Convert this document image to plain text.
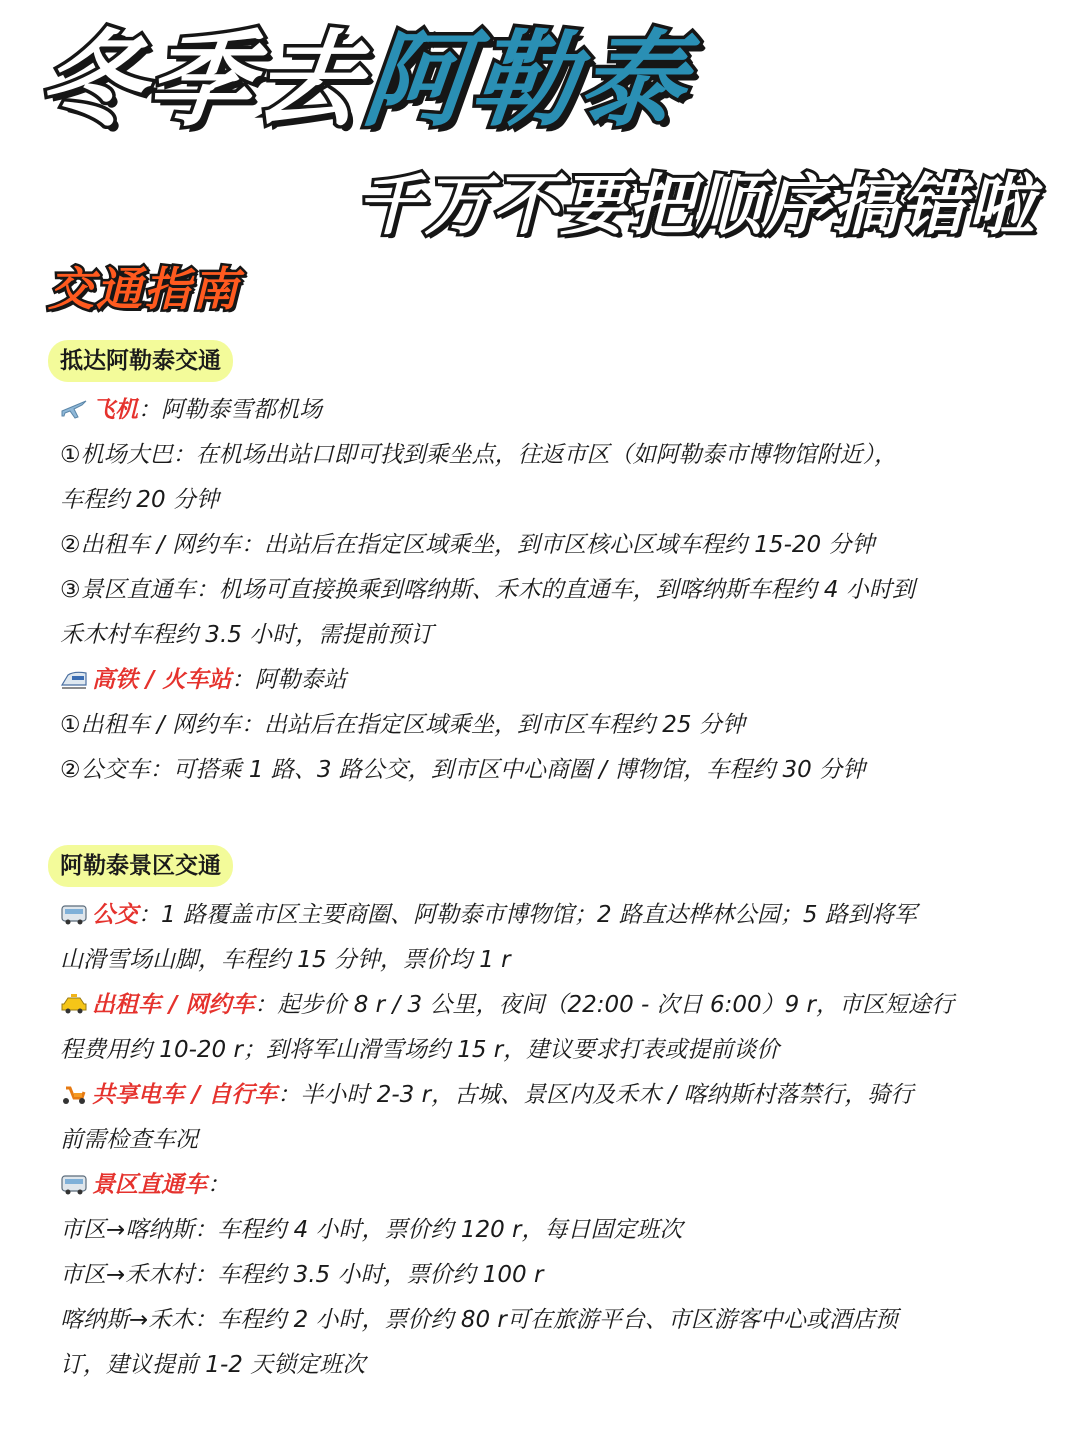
冬季去阿勒泰
千万不要把顺序搞错啦
交通指南
抵达阿勒泰交通
飞机：阿勒泰雪都机场
①机场大巴：在机场出站口即可找到乘坐点，往返市区（如阿勒泰市博物馆附近），
车程约 20 分钟
②出租车 / 网约车：出站后在指定区域乘坐，到市区核心区域车程约 15-20 分钟
③景区直通车：机场可直接换乘到喀纳斯、禾木的直通车，到喀纳斯车程约 4 小时到
禾木村车程约 3.5 小时，需提前预订
高铁 / 火车站：阿勒泰站
①出租车 / 网约车：出站后在指定区域乘坐，到市区车程约 25 分钟
②公交车：可搭乘 1 路、3 路公交，到市区中心商圈 / 博物馆，车程约 30 分钟
阿勒泰景区交通
公交：1 路覆盖市区主要商圈、阿勒泰市博物馆；2 路直达桦林公园；5 路到将军
山滑雪场山脚，车程约 15 分钟，票价均 1 r
出租车 / 网约车：起步价 8 r / 3 公里，夜间（22:00 - 次日 6:00）9 r，市区短途行
程费用约 10-20 r；到将军山滑雪场约 15 r，建议要求打表或提前谈价
共享电车 / 自行车：半小时 2-3 r，古城、景区内及禾木 / 喀纳斯村落禁行，骑行
前需检查车况
景区直通车：
市区→喀纳斯：车程约 4 小时，票价约 120 r，每日固定班次
市区→禾木村：车程约 3.5 小时，票价约 100 r
喀纳斯→禾木：车程约 2 小时，票价约 80 r可在旅游平台、市区游客中心或酒店预
订，建议提前 1-2 天锁定班次
